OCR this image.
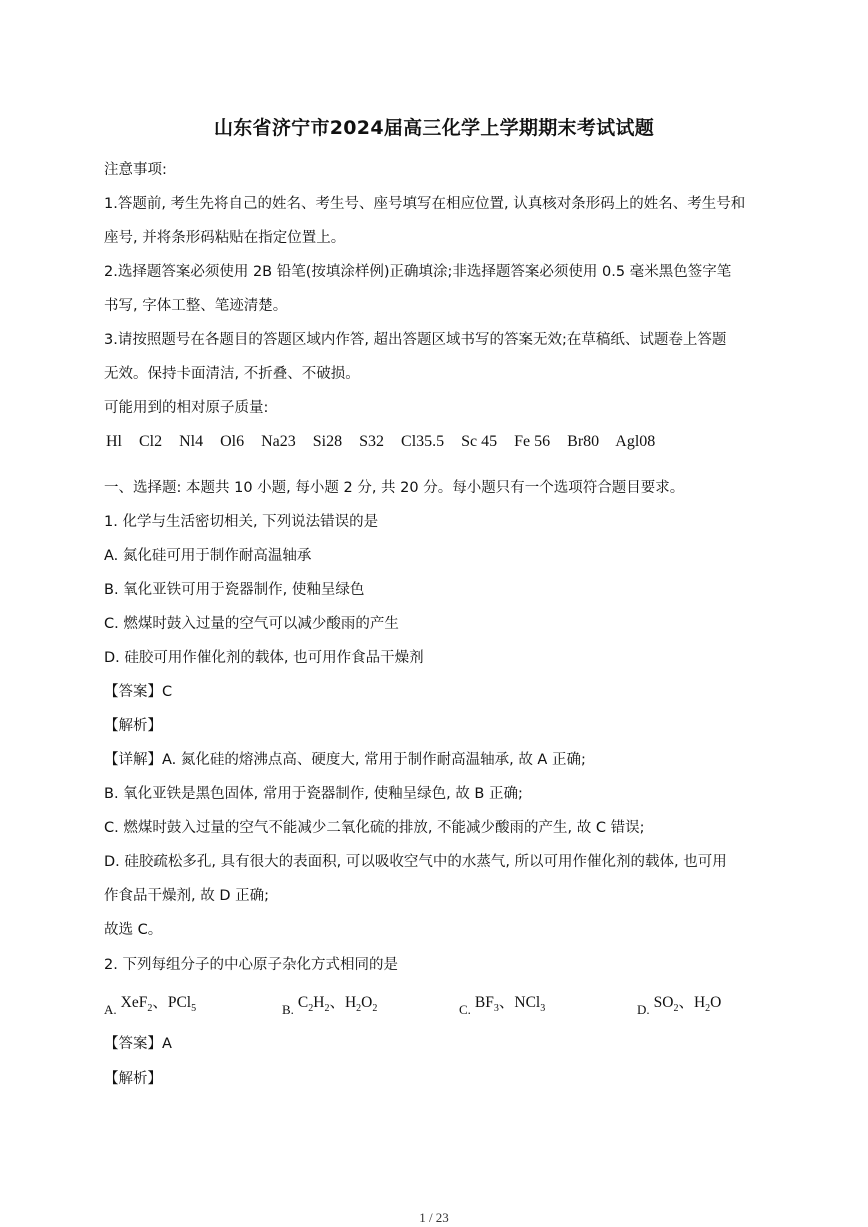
山东省济宁市2024届高三化学上学期期末考试试题
注意事项:
1.答题前, 考生先将自己的姓名、考生号、座号填写在相应位置, 认真核对条形码上的姓名、考生号和
座号, 并将条形码粘贴在指定位置上。
2.选择题答案必须使用 2B 铅笔(按填涂样例)正确填涂;非选择题答案必须使用 0.5 毫米黑色签字笔
书写, 字体工整、笔迹清楚。
3.请按照题号在各题目的答题区域内作答, 超出答题区域书写的答案无效;在草稿纸、试题卷上答题
无效。保持卡面清洁, 不折叠、不破损。
可能用到的相对原子质量:
Hl Cl2 Nl4 Ol6 Na23 Si28 S32 Cl35.5 Sc 45 Fe 56 Br80 Agl08
一、选择题: 本题共 10 小题, 每小题 2 分, 共 20 分。每小题只有一个选项符合题目要求。
1. 化学与生活密切相关, 下列说法错误的是
A. 氮化硅可用于制作耐高温轴承
B. 氧化亚铁可用于瓷器制作, 使釉呈绿色
C. 燃煤时鼓入过量的空气可以减少酸雨的产生
D. 硅胶可用作催化剂的载体, 也可用作食品干燥剂
【答案】C
【解析】
【详解】A. 氮化硅的熔沸点高、硬度大, 常用于制作耐高温轴承, 故 A 正确;
B. 氧化亚铁是黑色固体, 常用于瓷器制作, 使釉呈绿色, 故 B 正确;
C. 燃煤时鼓入过量的空气不能减少二氧化硫的排放, 不能减少酸雨的产生, 故 C 错误;
D. 硅胶疏松多孔, 具有很大的表面积, 可以吸收空气中的水蒸气, 所以可用作催化剂的载体, 也可用
作食品干燥剂, 故 D 正确;
故选 C。
2. 下列每组分子的中心原子杂化方式相同的是
$_{A.}$ XeF$_2$、PCl$_5$	$_{B.}$ $C_2H_2$、$H_2O_2$	$_{C.}$ $BF_3$、NCl$_3$	$_{D.}$ $SO_2$、$H_2O$
【答案】A
【解析】
1 / 23
